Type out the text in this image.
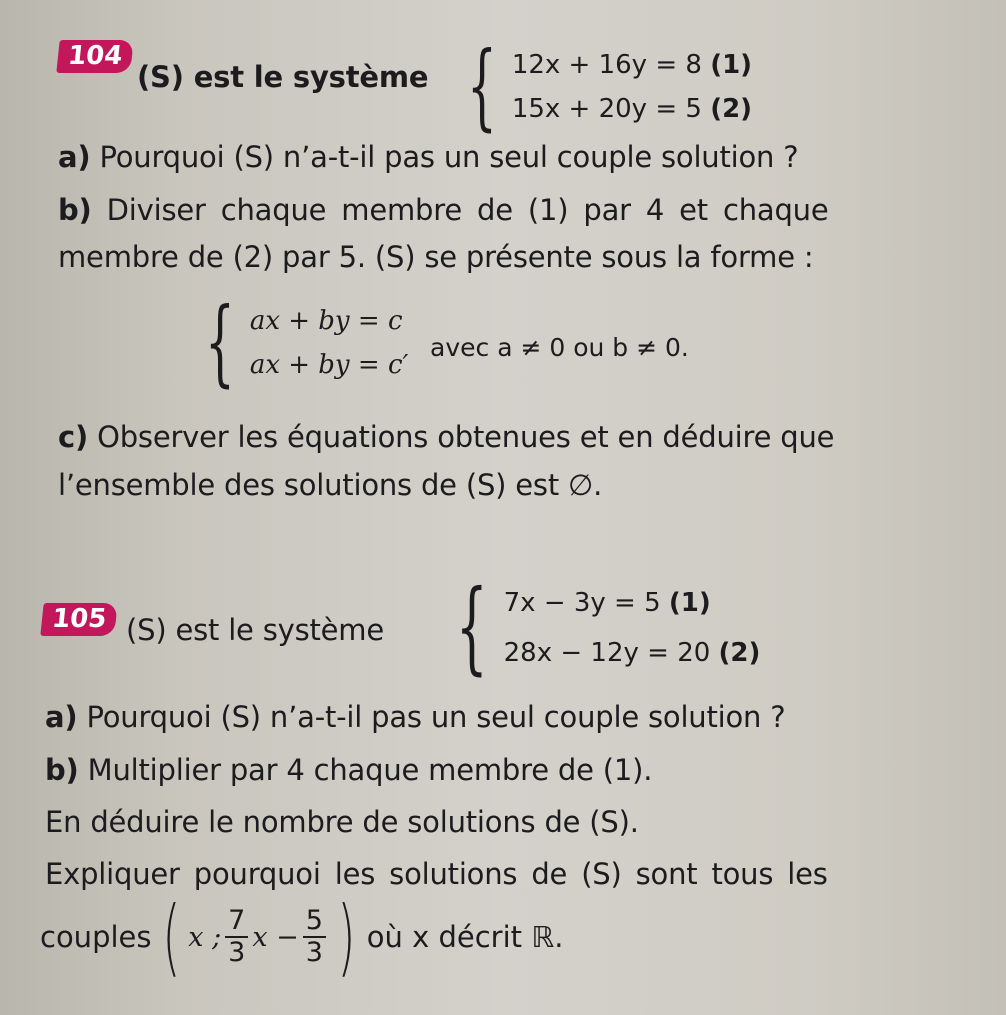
104
(S) est le système { 12x + 16y = 8 (1)
15x + 20y = 5 (2)
a) Pourquoi (S) n’a-t-il pas un seul couple solution ?
b) Diviser chaque membre de (1) par 4 et chaque
membre de (2) par 5. (S) se présente sous la forme :
{ ax + by = c
ax + by = c′
avec a ≠ 0 ou b ≠ 0.
c) Observer les équations obtenues et en déduire que
l’ensemble des solutions de (S) est ∅.
105 (S) est le système { 7x − 3y = 5 (1)
28x − 12y = 20 (2)
a) Pourquoi (S) n’a-t-il pas un seul couple solution ?
b) Multiplier par 4 chaque membre de (1).
En déduire le nombre de solutions de (S).
Expliquer pourquoi les solutions de (S) sont tous les
couples ( x ; $\frac{7}{3}$ $x - \frac{5}{3}$ ) où x décrit ℝ.
